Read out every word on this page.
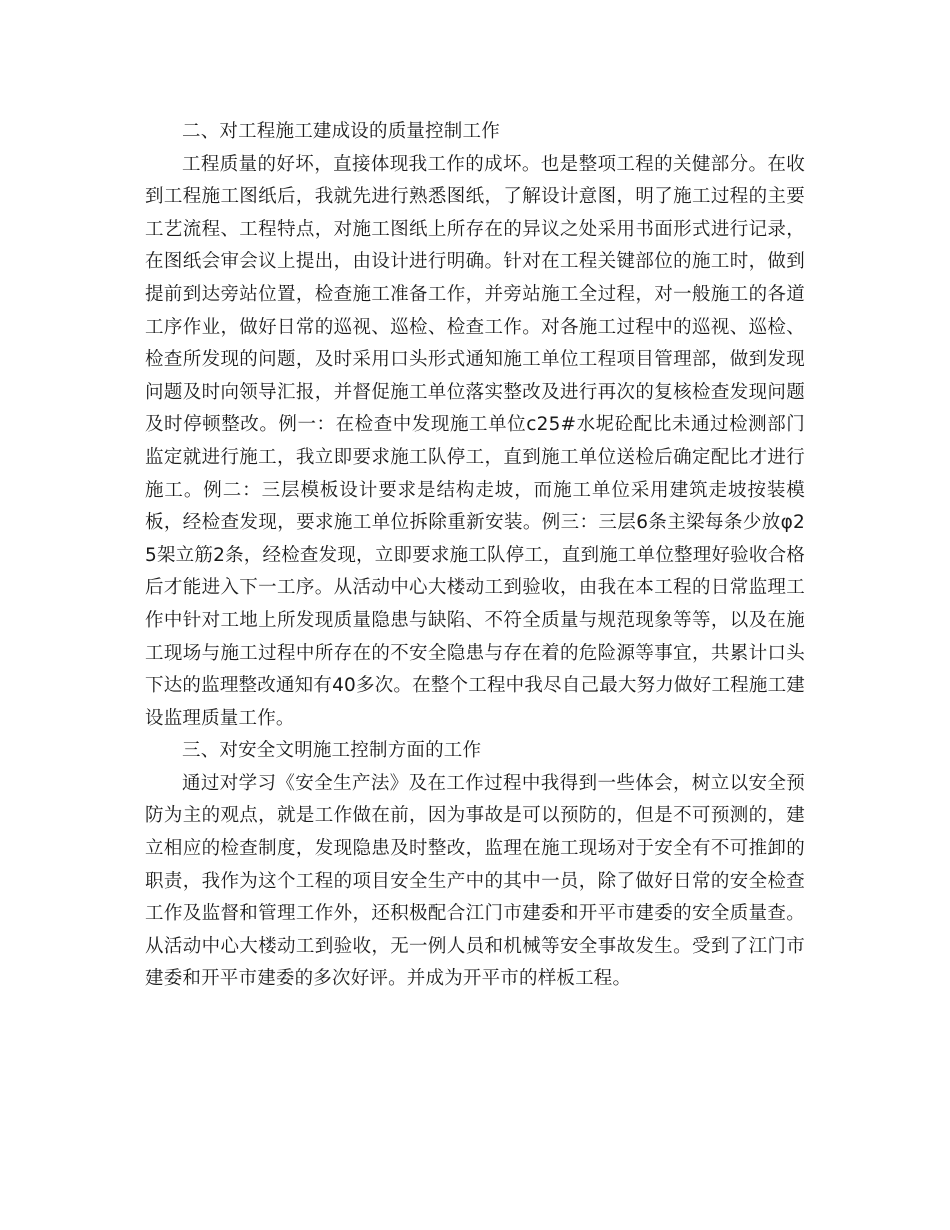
二、对工程施工建成设的质量控制工作

工程质量的好坏，直接体现我工作的成坏。也是整项工程的关健部分。在收到工程施工图纸后，我就先进行熟悉图纸，了解设计意图，明了施工过程的主要工艺流程、工程特点，对施工图纸上所存在的异议之处采用书面形式进行记录，在图纸会审会议上提出，由设计进行明确。针对在工程关键部位的施工时，做到提前到达旁站位置，检查施工准备工作，并旁站施工全过程，对一般施工的各道工序作业，做好日常的巡视、巡检、检查工作。对各施工过程中的巡视、巡检、检查所发现的问题，及时采用口头形式通知施工单位工程项目管理部，做到发现问题及时向领导汇报，并督促施工单位落实整改及进行再次的复核检查发现问题及时停顿整改。例一：在检查中发现施工单位c25#水坭砼配比未通过检测部门监定就进行施工，我立即要求施工队停工，直到施工单位送检后确定配比才进行施工。例二：三层模板设计要求是结构走坡，而施工单位采用建筑走坡按装模板，经检查发现，要求施工单位拆除重新安装。例三：三层6条主梁每条少放φ25架立筋2条，经检查发现，立即要求施工队停工，直到施工单位整理好验收合格后才能进入下一工序。从活动中心大楼动工到验收，由我在本工程的日常监理工作中针对工地上所发现质量隐患与缺陷、不符全质量与规范现象等等，以及在施工现场与施工过程中所存在的不安全隐患与存在着的危险源等事宜，共累计口头下达的监理整改通知有40多次。在整个工程中我尽自己最大努力做好工程施工建设监理质量工作。

三、对安全文明施工控制方面的工作

通过对学习《安全生产法》及在工作过程中我得到一些体会，树立以安全预防为主的观点，就是工作做在前，因为事故是可以预防的，但是不可预测的，建立相应的检查制度，发现隐患及时整改，监理在施工现场对于安全有不可推卸的职责，我作为这个工程的项目安全生产中的其中一员，除了做好日常的安全检查工作及监督和管理工作外，还积极配合江门市建委和开平市建委的安全质量查。从活动中心大楼动工到验收，无一例人员和机械等安全事故发生。受到了江门市建委和开平市建委的多次好评。并成为开平市的样板工程。
